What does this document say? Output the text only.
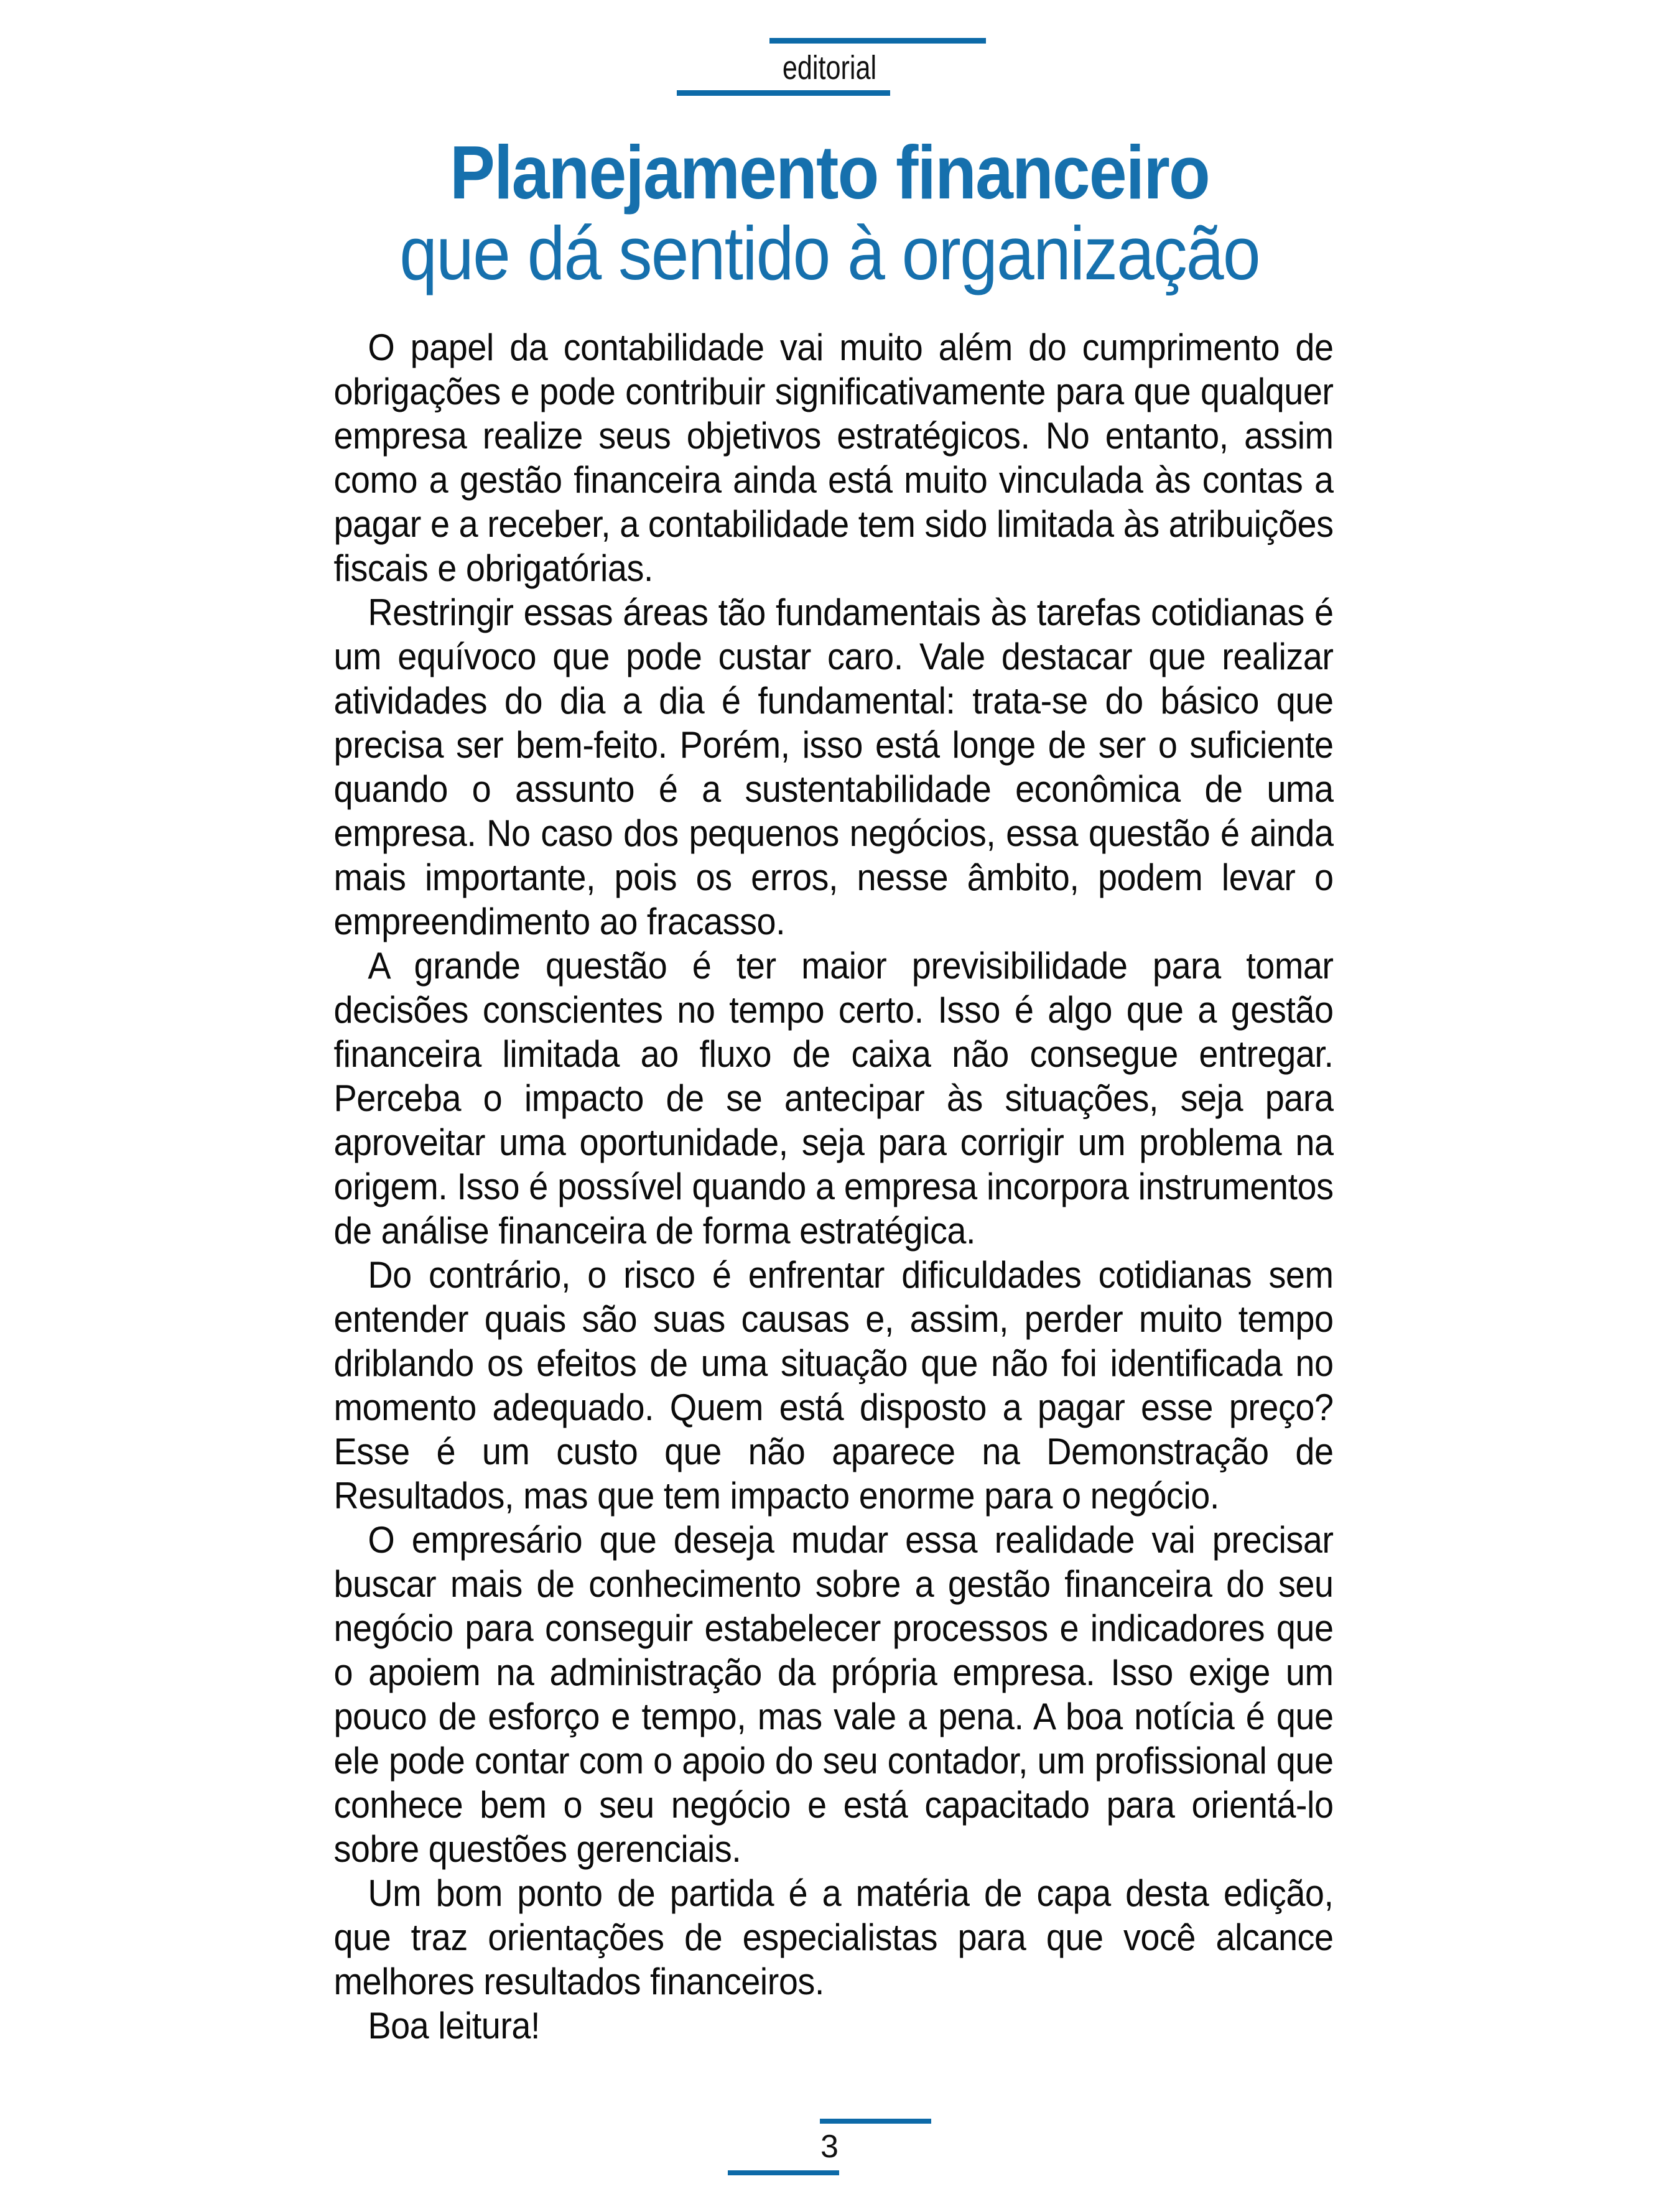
editorial
Planejamento financeiro
que dá sentido à organização

O papel da contabilidade vai muito além do cumprimento de obrigações e pode contribuir significativamente para que qualquer empresa realize seus objetivos estratégicos. No entanto, assim como a gestão financeira ainda está muito vinculada às contas a pagar e a receber, a contabilidade tem sido limitada às atribuições fiscais e obrigatórias.

Restringir essas áreas tão fundamentais às tarefas cotidianas é um equívoco que pode custar caro. Vale destacar que realizar atividades do dia a dia é fundamental: trata-se do básico que precisa ser bem-feito. Porém, isso está longe de ser o suficiente quando o assunto é a sustentabilidade econômica de uma empresa. No caso dos pequenos negócios, essa questão é ainda mais importante, pois os erros, nesse âmbito, podem levar o empreendimento ao fracasso.

A grande questão é ter maior previsibilidade para tomar decisões conscientes no tempo certo. Isso é algo que a gestão financeira limitada ao fluxo de caixa não consegue entregar. Perceba o impacto de se antecipar às situações, seja para aproveitar uma oportunidade, seja para corrigir um problema na origem. Isso é possível quando a empresa incorpora instrumentos de análise financeira de forma estratégica.

Do contrário, o risco é enfrentar dificuldades cotidianas sem entender quais são suas causas e, assim, perder muito tempo driblando os efeitos de uma situação que não foi identificada no momento adequado. Quem está disposto a pagar esse preço? Esse é um custo que não aparece na Demonstração de Resultados, mas que tem impacto enorme para o negócio.

O empresário que deseja mudar essa realidade vai precisar buscar mais de conhecimento sobre a gestão financeira do seu negócio para conseguir estabelecer processos e indicadores que o apoiem na administração da própria empresa. Isso exige um pouco de esforço e tempo, mas vale a pena. A boa notícia é que ele pode contar com o apoio do seu contador, um profissional que conhece bem o seu negócio e está capacitado para orientá-lo sobre questões gerenciais.

Um bom ponto de partida é a matéria de capa desta edição, que traz orientações de especialistas para que você alcance melhores resultados financeiros.

Boa leitura!

3
